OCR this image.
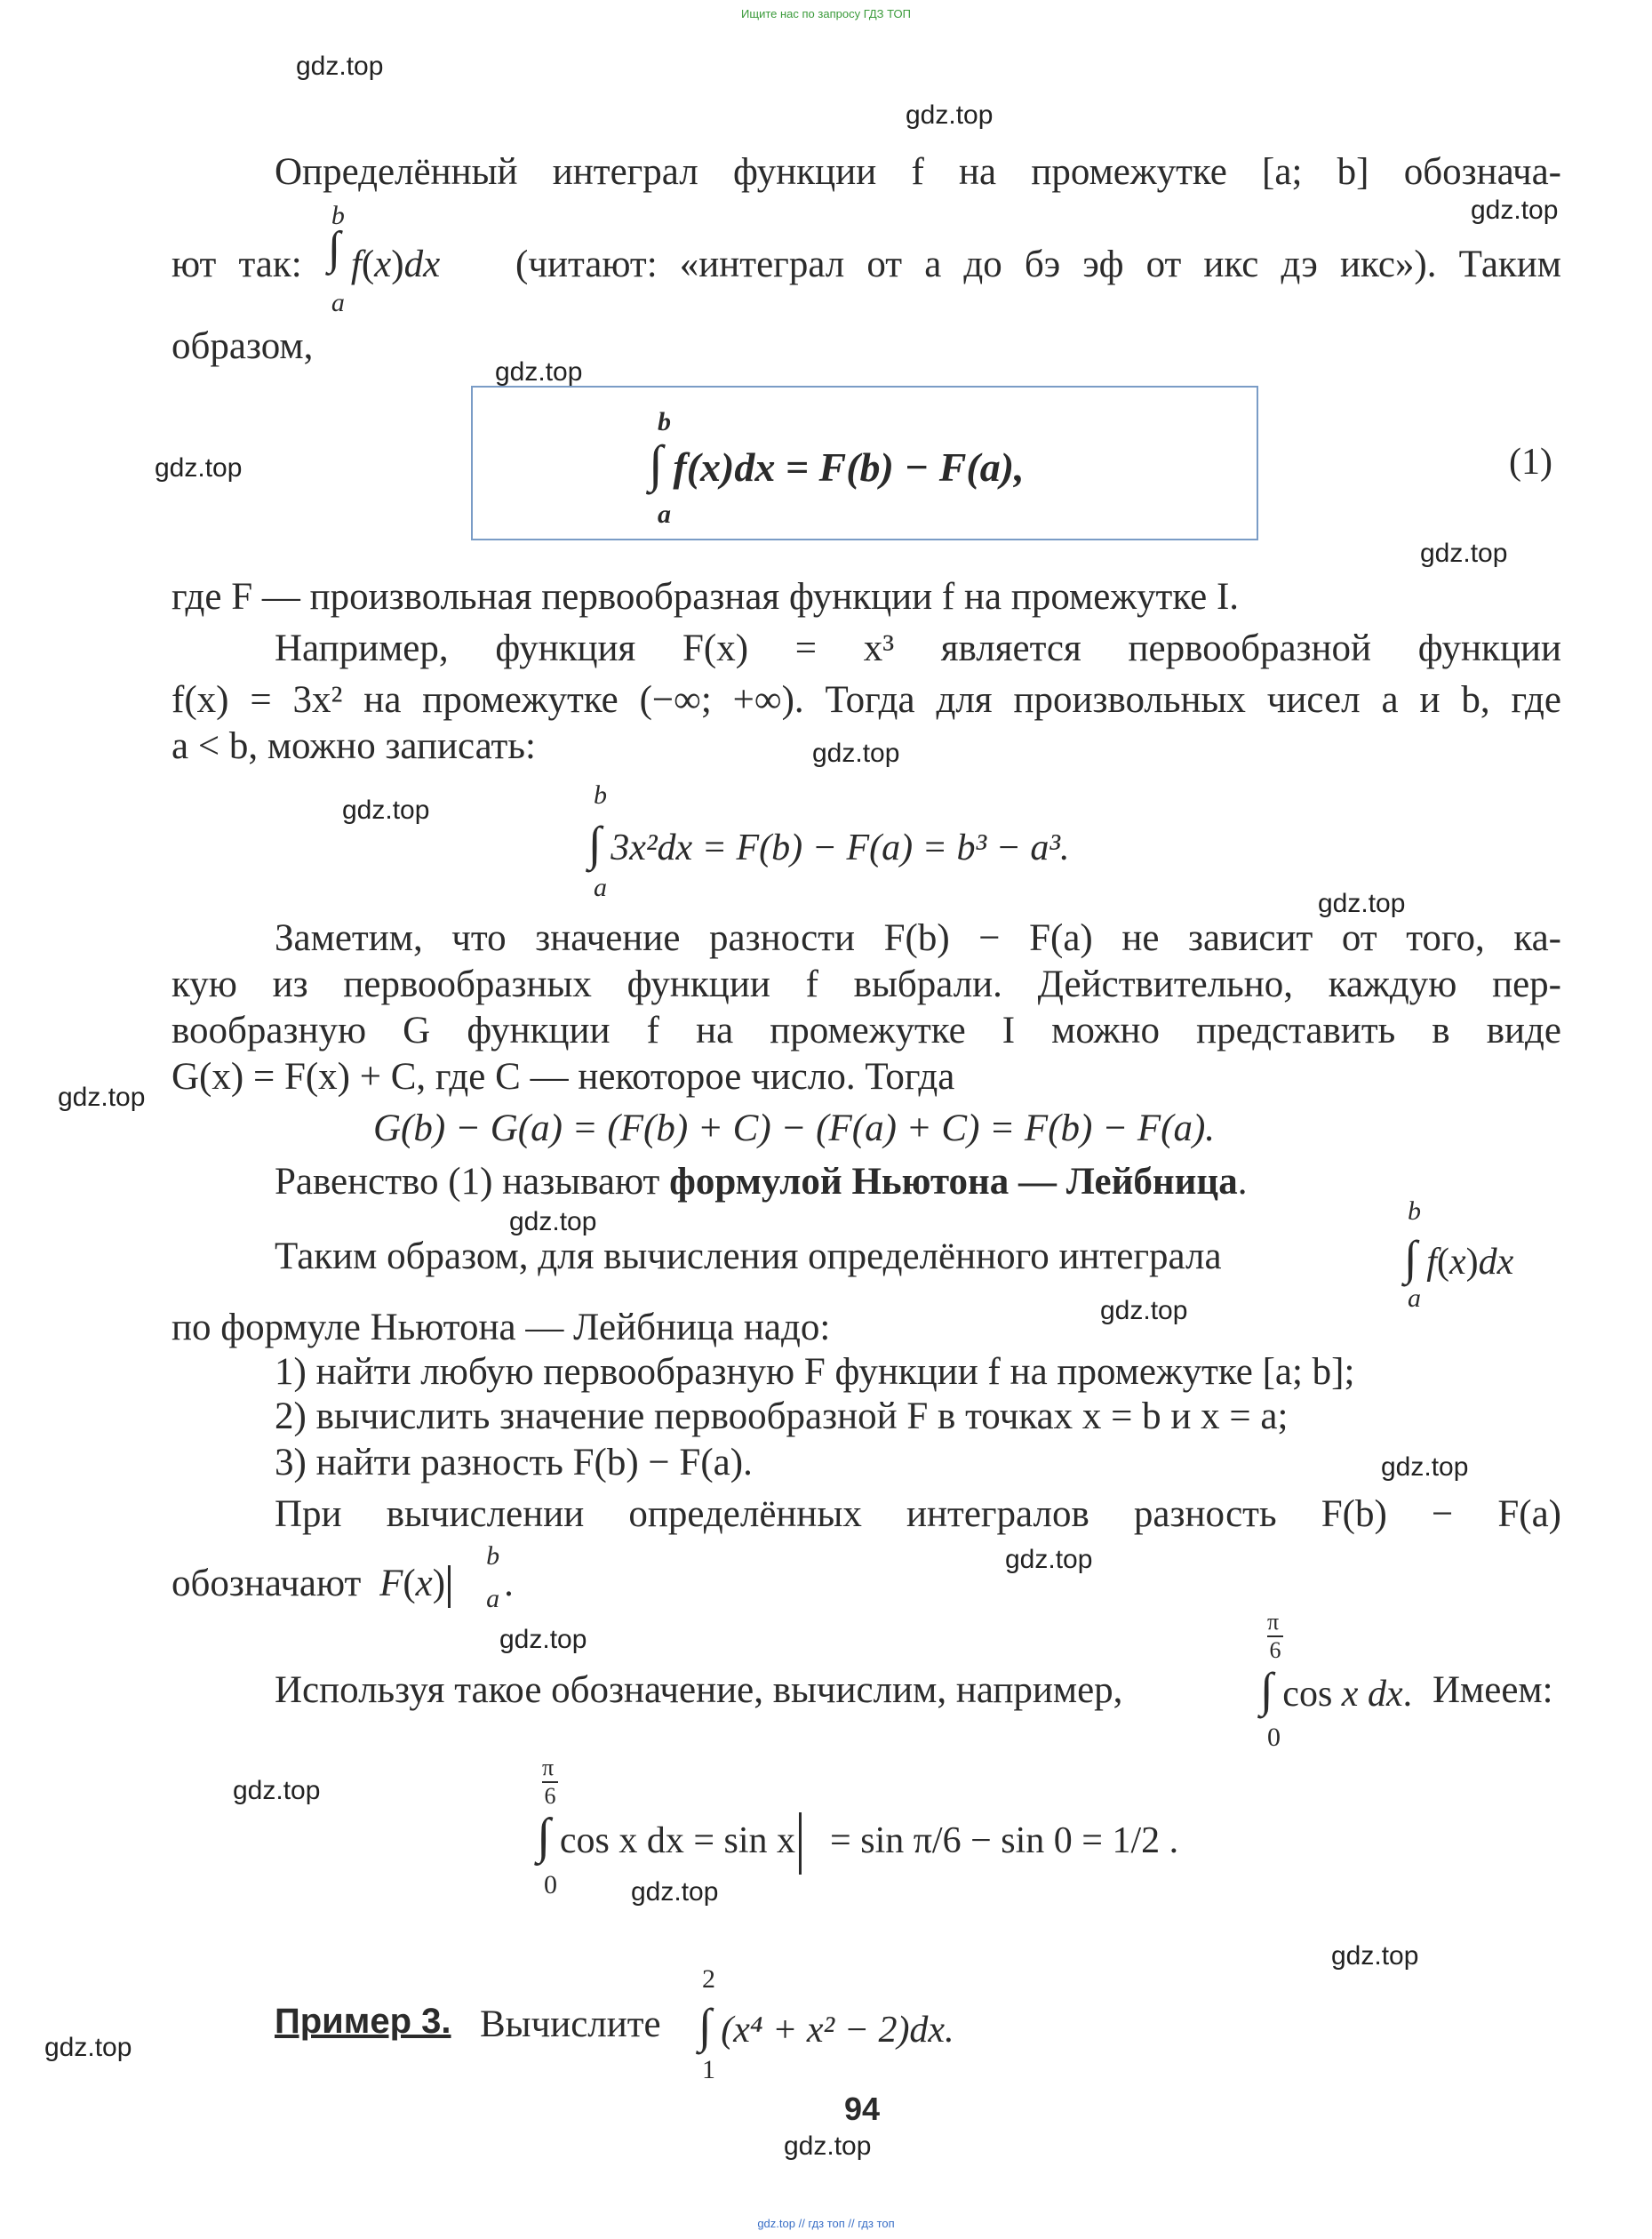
Ищите нас по запросу ГДЗ ТОП
gdz.top
gdz.top
gdz.top
gdz.top
gdz.top
gdz.top
gdz.top
gdz.top
gdz.top
gdz.top
gdz.top
gdz.top
gdz.top
gdz.top
gdz.top
gdz.top
gdz.top
gdz.top
gdz.top
gdz.top
Определённый интеграл функции f на промежутке [a; b] обознача-
ют так:
b
∫
a
f(x)dx (читают: «интеграл от а до бэ эф от икс дэ икс»). Таким
образом,
b
∫
a
f(x)dx = F(b) − F(a),	(1)
где F — произвольная первообразная функции f на промежутке I.
Например, функция F(x) = x³ является первообразной функции
f(x) = 3x² на промежутке (−∞; +∞). Тогда для произвольных чисел a и b, где
a < b, можно записать:
b
∫
a
3x²dx = F(b) − F(a) = b³ − a³.
Заметим, что значение разности F(b) − F(a) не зависит от того, ка-
кую из первообразных функции f выбрали. Действительно, каждую пер-
вообразную G функции f на промежутке I можно представить в виде
G(x) = F(x) + C, где C — некоторое число. Тогда
G(b) − G(a) = (F(b) + C) − (F(a) + C) = F(b) − F(a).
Равенство (1) называют формулой Ньютона — Лейбница.
Таким образом, для вычисления определённого интеграла
b
∫
a
f(x)dx
по формуле Ньютона — Лейбница надо:
1) найти любую первообразную F функции f на промежутке [a; b];
2) вычислить значение первообразной F в точках x = b и x = a;
3) найти разность F(b) − F(a).
При вычислении определённых интегралов разность F(b) − F(a)
обозначают F(x)
b
a .
Используя такое обозначение, вычислим, например,
π

6
∫
0
cos x dx. Имеем:
π

6
∫
0
cos x dx = sin x = sin π/6 − sin 0 = 1/2 .
Пример 3. Вычислите
2
∫
1
(x⁴ + x² − 2)dx.
94
gdz.top // гдз топ // гдз топ
